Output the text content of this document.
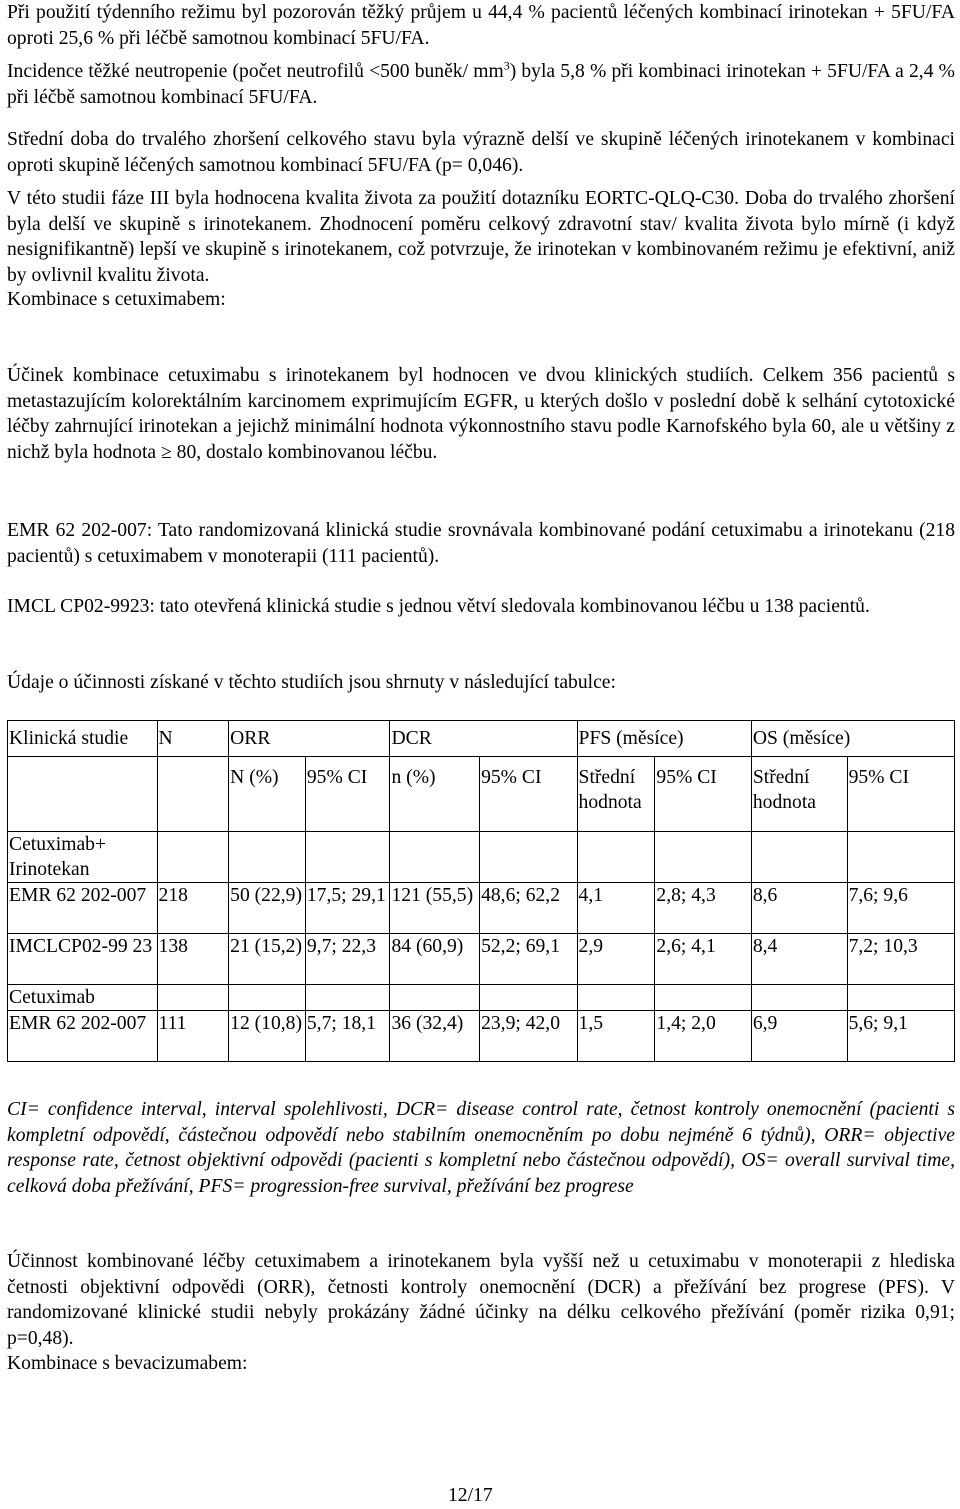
Při použití týdenního režimu byl pozorován těžký průjem u 44,4 % pacientů léčených kombinací irinotekan + 5FU/FA oproti 25,6 % při léčbě samotnou kombinací 5FU/FA.

Incidence těžké neutropenie (počet neutrofilů <500 buněk/ $mm^3$) byla 5,8 % při kombinaci irinotekan + 5FU/FA a 2,4 % při léčbě samotnou kombinací 5FU/FA.

Střední doba do trvalého zhoršení celkového stavu byla výrazně delší ve skupině léčených irinotekanem v kombinaci oproti skupině léčených samotnou kombinací 5FU/FA (p= 0,046).

V této studii fáze III byla hodnocena kvalita života za použití dotazníku EORTC-QLQ-C30. Doba do trvalého zhoršení byla delší ve skupině s irinotekanem. Zhodnocení poměru celkový zdravotní stav/ kvalita života bylo mírně (i když nesignifikantně) lepší ve skupině s irinotekanem, což potvrzuje, že irinotekan v kombinovaném režimu je efektivní, aniž by ovlivnil kvalitu života.

Kombinace s cetuximabem:

Účinek kombinace cetuximabu s irinotekanem byl hodnocen ve dvou klinických studiích. Celkem 356 pacientů s metastazujícím kolorektálním karcinomem exprimujícím EGFR, u kterých došlo v poslední době k selhání cytotoxické léčby zahrnující irinotekan a jejichž minimální hodnota výkonnostního stavu podle Karnofského byla 60, ale u většiny z nichž byla hodnota ≥ 80, dostalo kombinovanou léčbu.

EMR 62 202-007: Tato randomizovaná klinická studie srovnávala kombinované podání cetuximabu a irinotekanu (218 pacientů) s cetuximabem v monoterapii (111 pacientů).

IMCL CP02-9923: tato otevřená klinická studie s jednou větví sledovala kombinovanou léčbu u 138 pacientů.

Údaje o účinnosti získané v těchto studiích jsou shrnuty v následující tabulce:

Klinická studie	N	ORR		DCR		PFS (měsíce)		OS (měsíce)	
		N (%)	95% CI	n (%)	95% CI	Střední hodnota	95% CI	Střední hodnota	95% CI
Cetuximab+ Irinotekan									
EMR 62 202-007	218	50 (22,9)	17,5; 29,1	121 (55,5)	48,6; 62,2	4,1	2,8; 4,3	8,6	7,6; 9,6
IMCLCP02-99 23	138	21 (15,2)	9,7; 22,3	84 (60,9)	52,2; 69,1	2,9	2,6; 4,1	8,4	7,2; 10,3
Cetuximab									
EMR 62 202-007	111	12 (10,8)	5,7; 18,1	36 (32,4)	23,9; 42,0	1,5	1,4; 2,0	6,9	5,6; 9,1

CI= confidence interval, interval spolehlivosti, DCR= disease control rate, četnost kontroly onemocnění (pacienti s kompletní odpovědí, částečnou odpovědí nebo stabilním onemocněním po dobu nejméně 6 týdnů), ORR= objective response rate, četnost objektivní odpovědi (pacienti s kompletní nebo částečnou odpovědí), OS= overall survival time, celková doba přežívání, PFS= progression-free survival, přežívání bez progrese

Účinnost kombinované léčby cetuximabem a irinotekanem byla vyšší než u cetuximabu v monoterapii z hlediska četnosti objektivní odpovědi (ORR), četnosti kontroly onemocnění (DCR) a přežívání bez progrese (PFS). V randomizované klinické studii nebyly prokázány žádné účinky na délku celkového přežívání (poměr rizika 0,91; p=0,48).

Kombinace s bevacizumabem:

12/17
